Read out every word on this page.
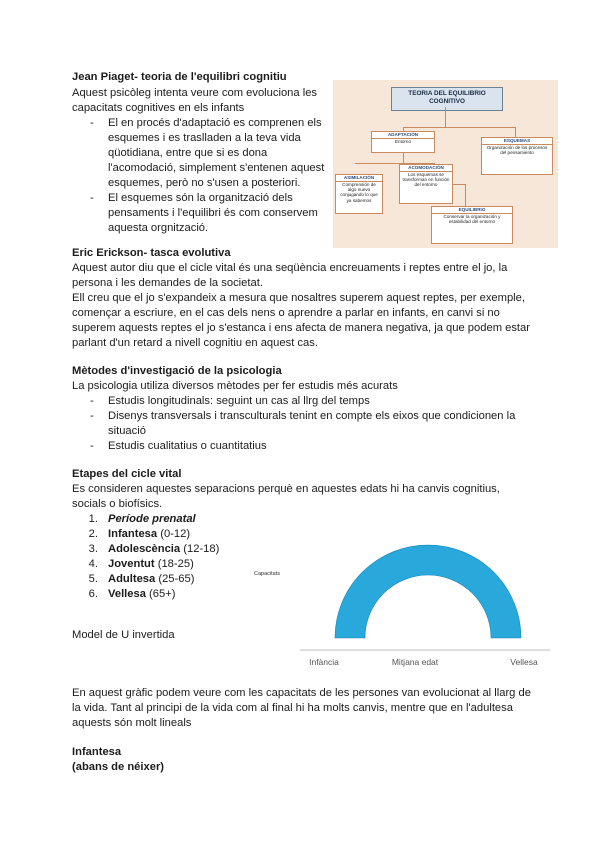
Jean Piaget- teoria de l'equilibri cognitiu
Aquest psicòleg intenta veure com evoluciona les
capacitats cognitives en els infants
- El en procés d'adaptació es comprenen els
esquemes i es traslladen a la teva vida
qüotidiana, entre que si es dona
l'acomodació, simplement s'entenen aquest
esquemes, però no s'usen a posteriori.
- El esquemes són la organització dels
pensaments i l'equilibri és com conservem
aquesta orgnització.
TEORIA DEL EQUILIBRIO COGNITIVO
ADAPTACIÓN
Entorno	ESQUEMAS
Organización de los procesos del pensamiento
ASIMILACIÓN
Comprensión de algo nuevo conjugando lo que ya sabemos
ACOMODACIÓN
Los esquemas se transforman en función del entorno
EQUILIBRIO
Conservar la organización y estabilidad del entorno
Eric Erickson- tasca evolutiva
Aquest autor diu que el cicle vital és una seqüència encreuaments i reptes entre el jo, la
persona i les demandes de la societat.
Ell creu que el jo s'expandeix a mesura que nosaltres superem aquest reptes, per exemple,
començar a escriure, en el cas dels nens o aprendre a parlar en infants, en canvi si no
superem aquests reptes el jo s'estanca i ens afecta de manera negativa, ja que podem estar
parlant d'un retard a nivell cognitiu en aquest cas.
Mètodes d'investigació de la psicologia
La psicologia utiliza diversos mètodes per fer estudis més acurats
- Estudis longitudinals: seguint un cas al llrg del temps
- Disenys transversals i transculturals tenint en compte els eixos que condicionen la
situació
- Estudis cualitatius o cuantitatius
Etapes del cicle vital
Es consideren aquestes separacions perquè en aquestes edats hi ha canvis cognitius,
socials o biofísics.
1. Període prenatal
2. Infantesa (0-12)
3. Adolescència (12-18)
4. Joventut (18-25)
5. Adultesa (25-65)
6. Vellesa (65+)
Model de U invertida
Capacitats
Infància	Mitjana edat	Vellesa
En aquest gràfic podem veure com les capacitats de les persones van evolucionat al llarg de
la vida. Tant al principi de la vida com al final hi ha molts canvis, mentre que en l'adultesa
aquests són molt lineals
Infantesa
(abans de néixer)
